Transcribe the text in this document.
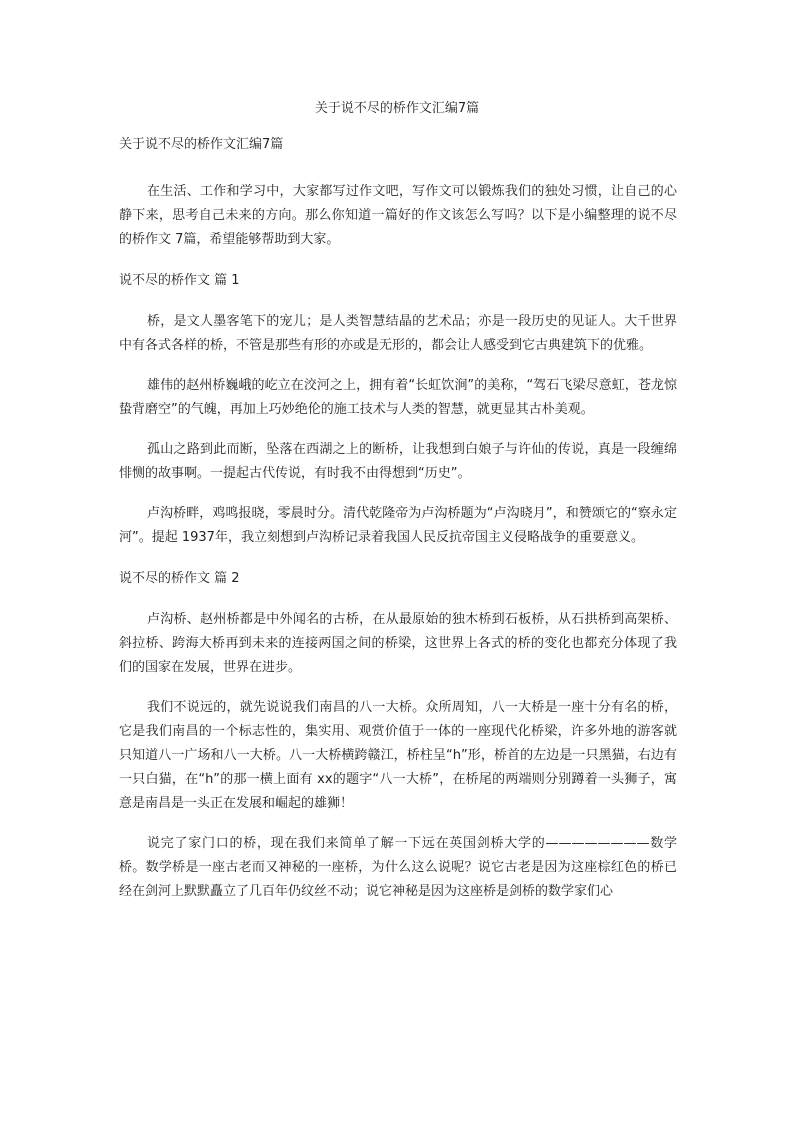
关于说不尽的桥作文汇编7篇
关于说不尽的桥作文汇编7篇

在生活、工作和学习中，大家都写过作文吧，写作文可以锻炼我们的独处习惯，让自己的心静下来，思考自己未来的方向。那么你知道一篇好的作文该怎么写吗？以下是小编整理的说不尽的桥作文 7篇，希望能够帮助到大家。

说不尽的桥作文 篇 1

桥，是文人墨客笔下的宠儿；是人类智慧结晶的艺术品；亦是一段历史的见证人。大千世界中有各式各样的桥，不管是那些有形的亦或是无形的，都会让人感受到它古典建筑下的优雅。

雄伟的赵州桥巍峨的屹立在洨河之上，拥有着“长虹饮涧”的美称，“驾石飞梁尽意虹，苍龙惊蛰背磨空”的气魄，再加上巧妙绝伦的施工技术与人类的智慧，就更显其古朴美观。

孤山之路到此而断，坠落在西湖之上的断桥，让我想到白娘子与许仙的传说，真是一段缠绵悱恻的故事啊。一提起古代传说，有时我不由得想到“历史”。

卢沟桥畔，鸡鸣报晓，零晨时分。清代乾隆帝为卢沟桥题为“卢沟晓月”，和赞颂它的“察永定河”。提起 1937年，我立刻想到卢沟桥记录着我国人民反抗帝国主义侵略战争的重要意义。

说不尽的桥作文 篇 2

卢沟桥、赵州桥都是中外闻名的古桥，在从最原始的独木桥到石板桥，从石拱桥到高架桥、斜拉桥、跨海大桥再到未来的连接两国之间的桥梁，这世界上各式的桥的变化也都充分体现了我们的国家在发展，世界在进步。

我们不说远的，就先说说我们南昌的八一大桥。众所周知，八一大桥是一座十分有名的桥，它是我们南昌的一个标志性的，集实用、观赏价值于一体的一座现代化桥梁，许多外地的游客就只知道八一广场和八一大桥。八一大桥横跨赣江，桥柱呈“h”形，桥首的左边是一只黑猫，右边有一只白猫，在“h”的那一横上面有 xx的题字“八一大桥”，在桥尾的两端则分别蹲着一头狮子，寓意是南昌是一头正在发展和崛起的雄狮！

说完了家门口的桥，现在我们来简单了解一下远在英国剑桥大学的————————数学桥。数学桥是一座古老而又神秘的一座桥，为什么这么说呢？说它古老是因为这座棕红色的桥已经在剑河上默默矗立了几百年仍纹丝不动；说它神秘是因为这座桥是剑桥的数学家们心
